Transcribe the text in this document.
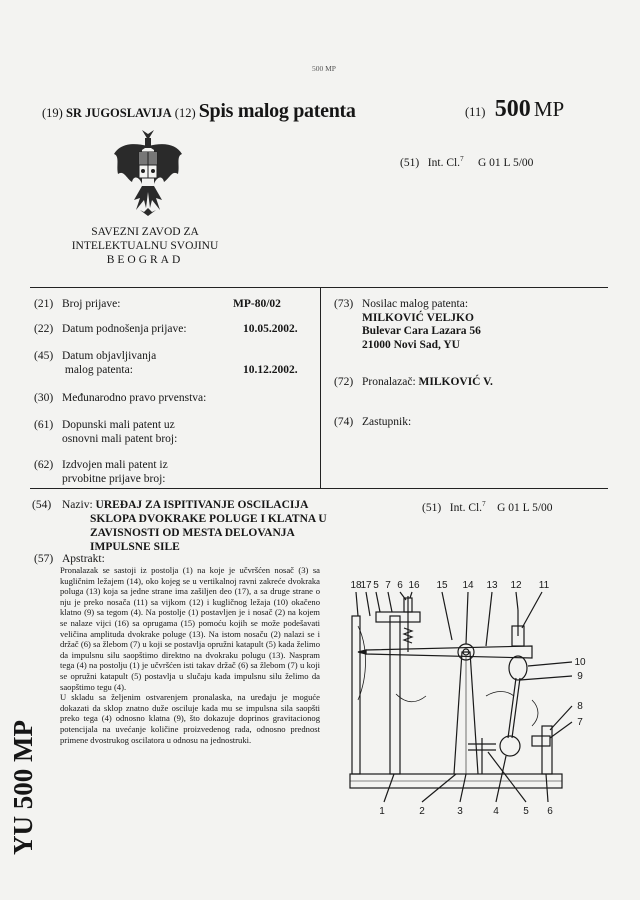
500 MP
(19) SR JUGOSLAVIJA (12) Spis malog patenta	(11) 500 MP
(51) Int. Cl.$^7$ G 01 L 5/00
SAVEZNI ZAVOD ZA
INTELEKTUALNU SVOJINU
BEOGRAD
(21) Broj prijave:	MP-80/02
(22) Datum podnošenja prijave:	10.05.2002.
(45) Datum objavljivanja
malog patenta:	10.12.2002.
(30) Međunarodno pravo prvenstva:
(61) Dopunski mali patent uz
osnovni mali patent broj:
(62) Izdvojen mali patent iz
prvobitne prijave broj:
(73) Nosilac malog patenta:
MILKOVIĆ VELJKO
Bulevar Cara Lazara 56
21000 Novi Sad, YU
(72) Pronalazač: MILKOVIĆ V.
(74) Zastupnik:
(54) Naziv: UREĐAJ ZA ISPITIVANJE OSCILACIJA
SKLOPA DVOKRAKE POLUGE I KLATNA U
ZAVISNOSTI OD MESTA DELOVANJA
IMPULSNE SILE
(51) Int. Cl.$^7$ G 01 L 5/00
(57) Apstrakt:
Pronalazak se sastoji iz postolja (1) na koje je učvršćen nosač (3) sa kugličnim ležajem (14), oko kojeg se u vertikalnoj ravni zakreće dvokraka poluga (13) koja sa jedne strane ima zašiljen deo (17), a sa druge strane o nju je preko nosača (11) sa vijkom (12) i kugličnog ležaja (10) okačeno klatno (9) sa tegom (4). Na postolje (1) postavljen je i nosač (2) na kojem se nalaze vijci (16) sa oprugama (15) pomoću kojih se može podešavati veličina amplituda dvokrake poluge (13). Na istom nosaču (2) nalazi se i držač (6) sa žlebom (7) u koji se postavlja opružni katapult (5) kada želimo da impulsnu silu saopštimo direktno na dvokraku polugu (13). Naspram tega (4) na postolju (1) je učvršćen isti takav držač (6) sa žlebom (7) u koji se opružni katapult (5) postavlja u slučaju kada impulsnu silu želimo da saopštimo tegu (4).
U skladu sa željenim ostvarenjem pronalaska, na uređaju je moguće dokazati da sklop znatno duže osciluje kada mu se impulsna sila saopšti preko tega (4) odnosno klatna (9), što dokazuje doprinos gravitacionog potencijala na uvećanje količine proizvedenog rada, odnosno prednost primene dvostrukog oscilatora u odnosu na jednostruki.
YU 500 MP
18
17 5 7 6 16 15 14 13 12 11
10
9
8
7
1	2	3	4 5 6
